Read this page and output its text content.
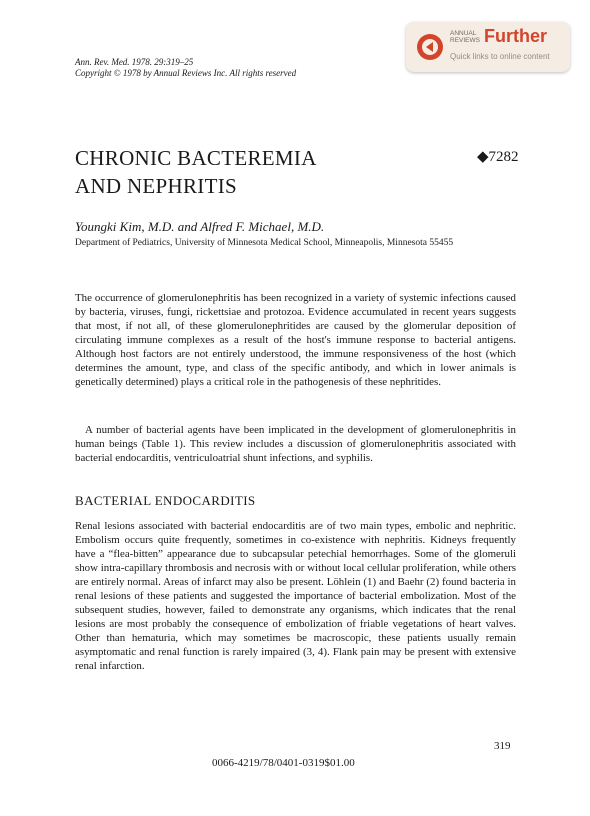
Ann. Rev. Med. 1978. 29:319–25
Copyright © 1978 by Annual Reviews Inc. All rights reserved
ANNUAL
REVIEWS Further
Quick links to online content
CHRONIC BACTEREMIA
AND NEPHRITIS
◆7282
Youngki Kim, M.D. and Alfred F. Michael, M.D.
Department of Pediatrics, University of Minnesota Medical School, Minneapolis, Minnesota 55455

The occurrence of glomerulonephritis has been recognized in a variety of systemic infections caused by bacteria, viruses, fungi, rickettsiae and protozoa. Evidence accumulated in recent years suggests that most, if not all, of these glomerulonephritides are caused by the glomerular deposition of circulating immune complexes as a result of the host's immune response to bacterial antigens. Although host factors are not entirely understood, the immune responsiveness of the host (which determines the amount, type, and class of the specific antibody, and which in lower animals is genetically determined) plays a critical role in the pathogenesis of these nephritides.

A number of bacterial agents have been implicated in the development of glomerulonephritis in human beings (Table 1). This review includes a discussion of glomerulonephritis associated with bacterial endocarditis, ventriculoatrial shunt infections, and syphilis.

BACTERIAL ENDOCARDITIS

Renal lesions associated with bacterial endocarditis are of two main types, embolic and nephritic. Embolism occurs quite frequently, sometimes in co-existence with nephritis. Kidneys frequently have a “flea-bitten” appearance due to subcapsular petechial hemorrhages. Some of the glomeruli show intra-capillary thrombosis and necrosis with or without local cellular proliferation, while others are entirely normal. Areas of infarct may also be present. Löhlein (1) and Baehr (2) found bacteria in renal lesions of these patients and suggested the importance of bacterial embolization. Most of the subsequent studies, however, failed to demonstrate any organisms, which indicates that the renal lesions are most probably the consequence of embolization of friable vegetations of heart valves. Other than hematuria, which may sometimes be macroscopic, these patients usually remain asymptomatic and renal function is rarely impaired (3, 4). Flank pain may be present with extensive renal infarction.

319
0066-4219/78/0401-0319$01.00
